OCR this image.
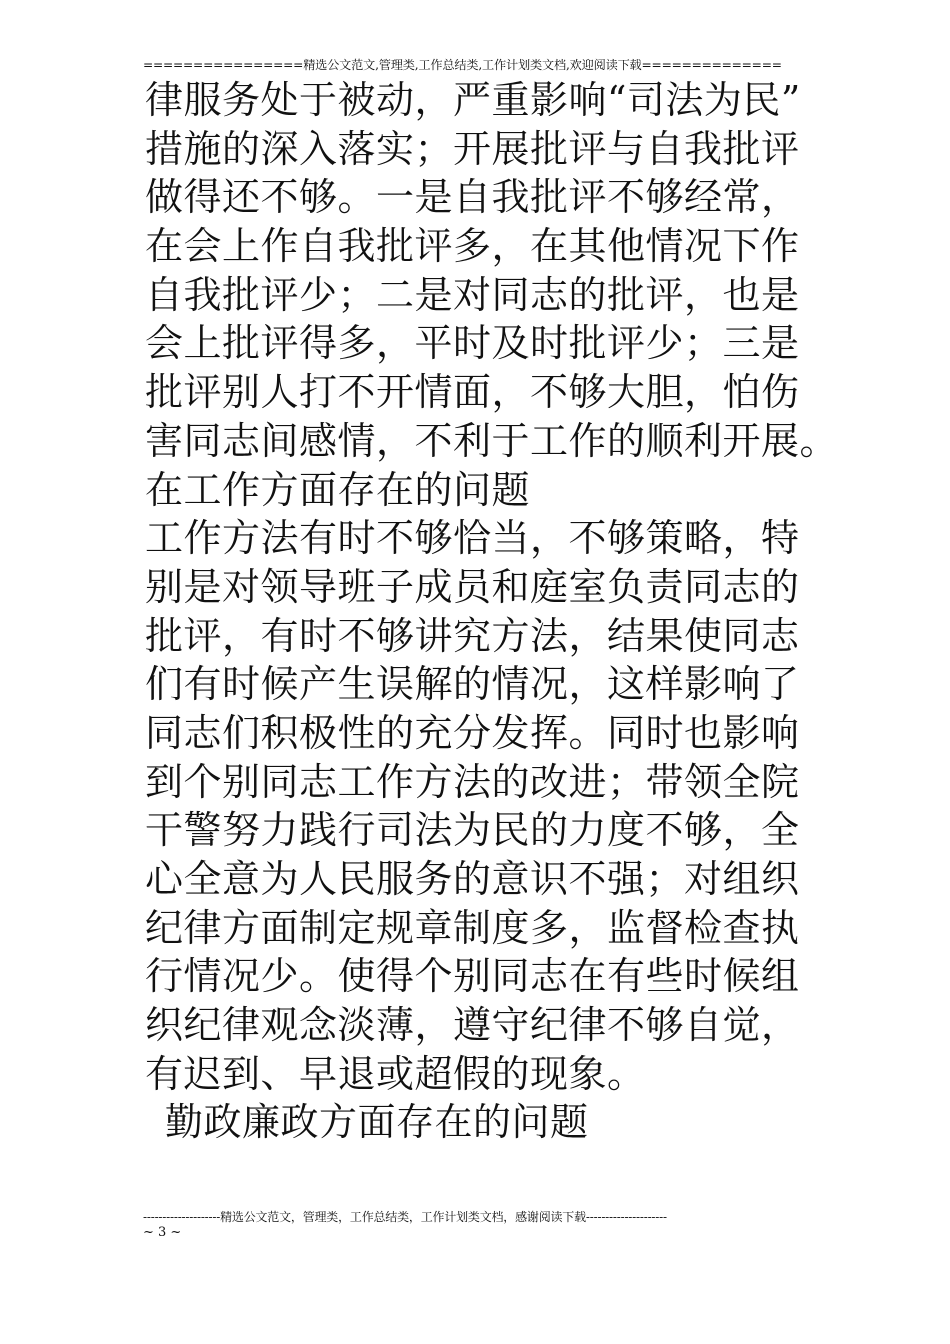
================精选公文范文,管理类,工作总结类,工作计划类文档,欢迎阅读下载==============
律服务处于被动，严重影响“司法为民”
措施的深入落实；开展批评与自我批评
做得还不够。一是自我批评不够经常，
在会上作自我批评多，在其他情况下作
自我批评少；二是对同志的批评，也是
会上批评得多，平时及时批评少；三是
批评别人打不开情面，不够大胆，怕伤
害同志间感情，不利于工作的顺利开展。
在工作方面存在的问题
工作方法有时不够恰当，不够策略，特
别是对领导班子成员和庭室负责同志的
批评，有时不够讲究方法，结果使同志
们有时候产生误解的情况，这样影响了
同志们积极性的充分发挥。同时也影响
到个别同志工作方法的改进；带领全院
干警努力践行司法为民的力度不够，全
心全意为人民服务的意识不强；对组织
纪律方面制定规章制度多，监督检查执
行情况少。使得个别同志在有些时候组
织纪律观念淡薄，遵守纪律不够自觉，
有迟到、早退或超假的现象。
勤政廉政方面存在的问题
--------------------精选公文范文，管理类，工作总结类，工作计划类文档，感谢阅读下载---------------------
~ 3 ~
